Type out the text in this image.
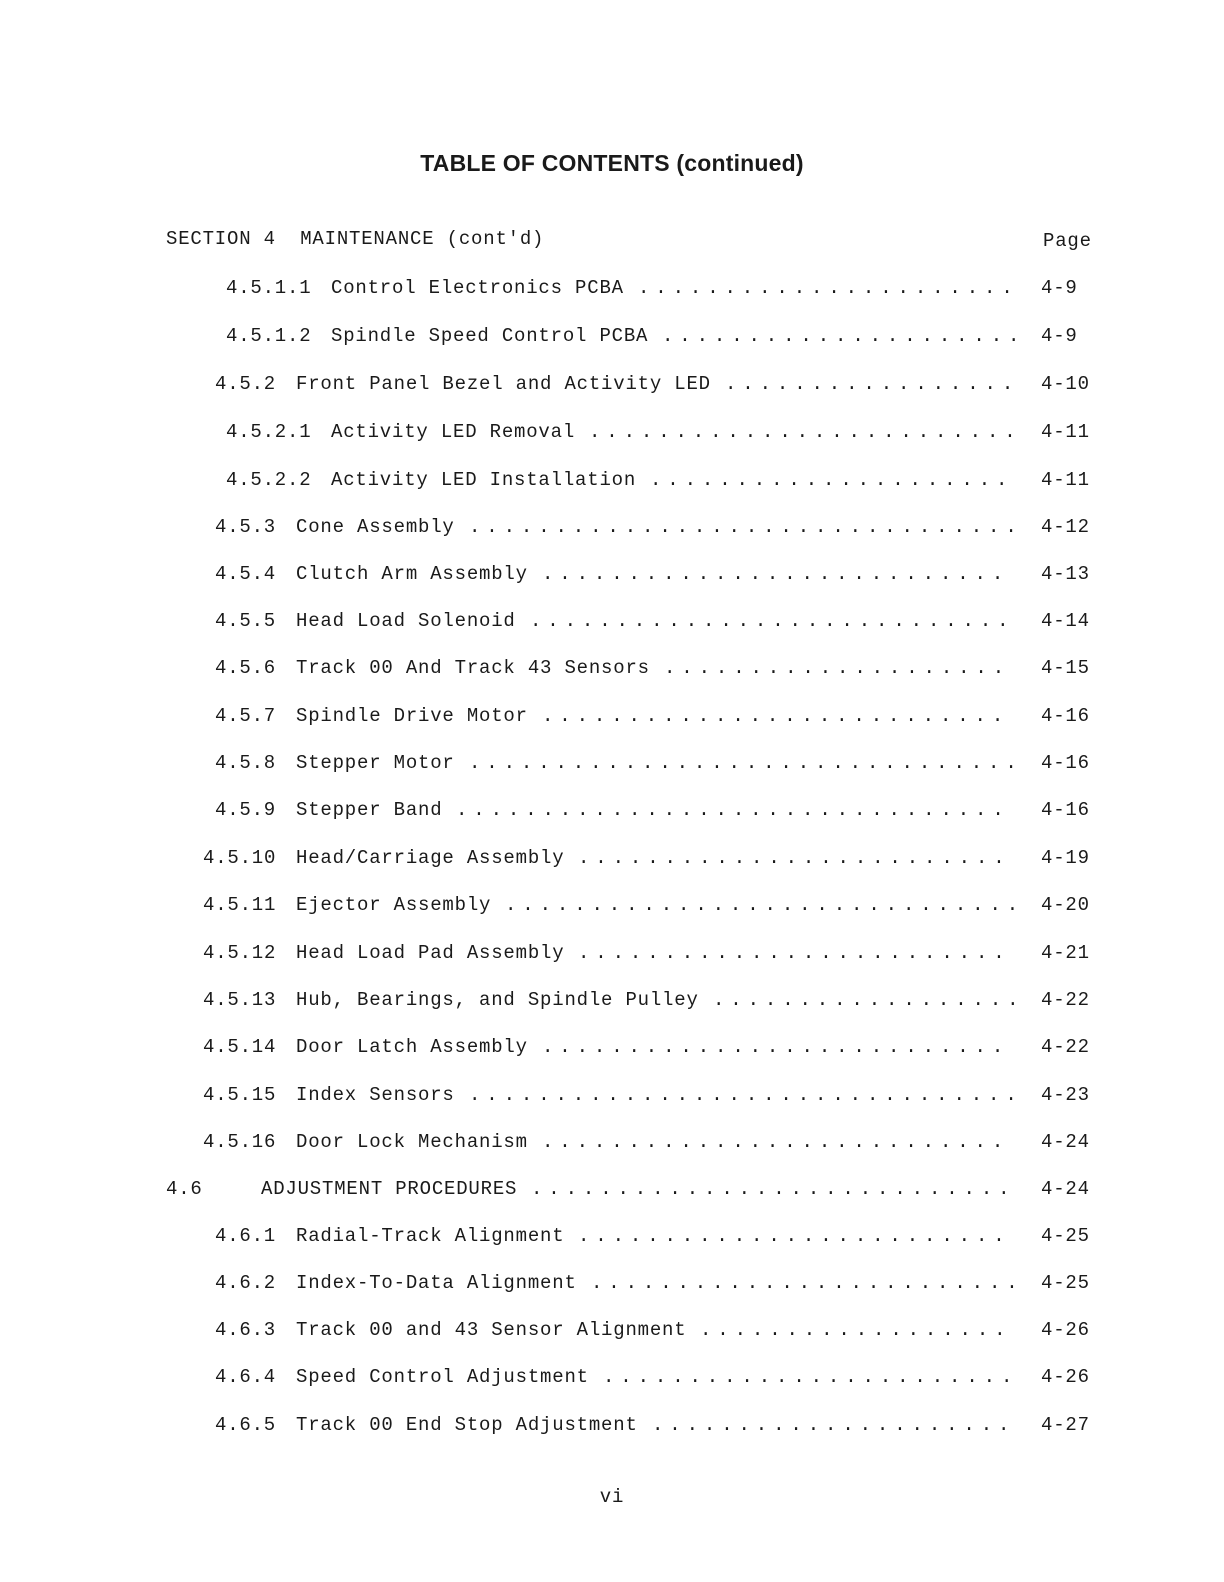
TABLE OF CONTENTS (continued)
SECTION 4  MAINTENANCE (cont'd)	Page
4.5.1.1 Control Electronics PCBA ......................	4-9
4.5.1.2 Spindle Speed Control PCBA ..................... 4-9
4.5.2 Front Panel Bezel and Activity LED .................	4-10
4.5.2.1 Activity LED Removal ......................... 4-11
4.5.2.2 Activity LED Installation .....................	4-11
4.5.3 Cone Assembly ................................ 4-12
4.5.4 Clutch Arm Assembly ...........................	4-13
4.5.5 Head Load Solenoid ............................	4-14
4.5.6 Track 00 And Track 43 Sensors ....................	4-15
4.5.7 Spindle Drive Motor ...........................	4-16
4.5.8 Stepper Motor ................................ 4-16
4.5.9 Stepper Band ................................	4-16
4.5.10 Head/Carriage Assembly .........................	4-19
4.5.11 Ejector Assembly .............................. 4-20
4.5.12 Head Load Pad Assembly .........................	4-21
4.5.13 Hub, Bearings, and Spindle Pulley .................. 4-22
4.5.14 Door Latch Assembly ...........................	4-22
4.5.15 Index Sensors ................................ 4-23
4.5.16 Door Lock Mechanism ...........................	4-24
4.6	ADJUSTMENT PROCEDURES ............................	4-24
4.6.1 Radial-Track Alignment .........................	4-25
4.6.2 Index-To-Data Alignment ......................... 4-25
4.6.3 Track 00 and 43 Sensor Alignment ..................	4-26
4.6.4 Speed Control Adjustment ........................	4-26
4.6.5 Track 00 End Stop Adjustment .....................	4-27
vi
